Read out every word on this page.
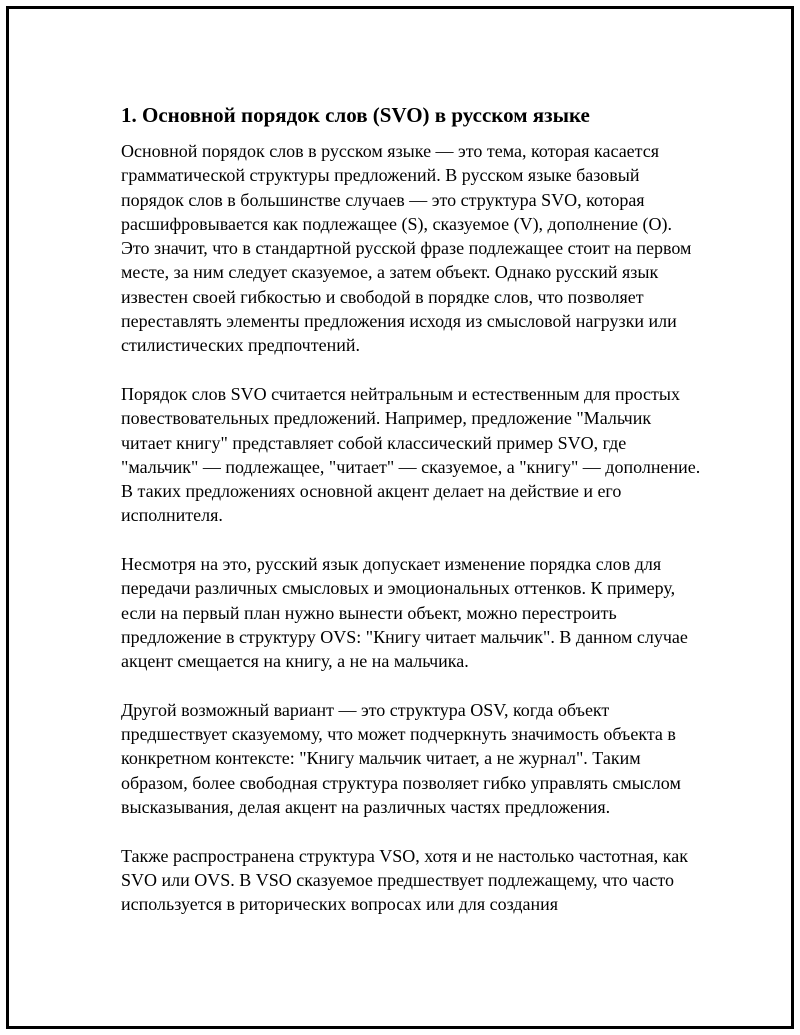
1. Основной порядок слов (SVO) в русском языке

Основной порядок слов в русском языке — это тема, которая касается грамматической структуры предложений. В русском языке базовый порядок слов в большинстве случаев — это структура SVO, которая расшифровывается как подлежащее (S), сказуемое (V), дополнение (O). Это значит, что в стандартной русской фразе подлежащее стоит на первом месте, за ним следует сказуемое, а затем объект. Однако русский язык известен своей гибкостью и свободой в порядке слов, что позволяет переставлять элементы предложения исходя из смысловой нагрузки или стилистических предпочтений.

Порядок слов SVO считается нейтральным и естественным для простых повествовательных предложений. Например, предложение "Мальчик читает книгу" представляет собой классический пример SVO, где "мальчик" — подлежащее, "читает" — сказуемое, а "книгу" — дополнение. В таких предложениях основной акцент делает на действие и его исполнителя.

Несмотря на это, русский язык допускает изменение порядка слов для передачи различных смысловых и эмоциональных оттенков. К примеру, если на первый план нужно вынести объект, можно перестроить предложение в структуру OVS: "Книгу читает мальчик". В данном случае акцент смещается на книгу, а не на мальчика.

Другой возможный вариант — это структура OSV, когда объект предшествует сказуемому, что может подчеркнуть значимость объекта в конкретном контексте: "Книгу мальчик читает, а не журнал". Таким образом, более свободная структура позволяет гибко управлять смыслом высказывания, делая акцент на различных частях предложения.

Также распространена структура VSO, хотя и не настолько частотная, как SVO или OVS. В VSO сказуемое предшествует подлежащему, что часто используется в риторических вопросах или для создания
